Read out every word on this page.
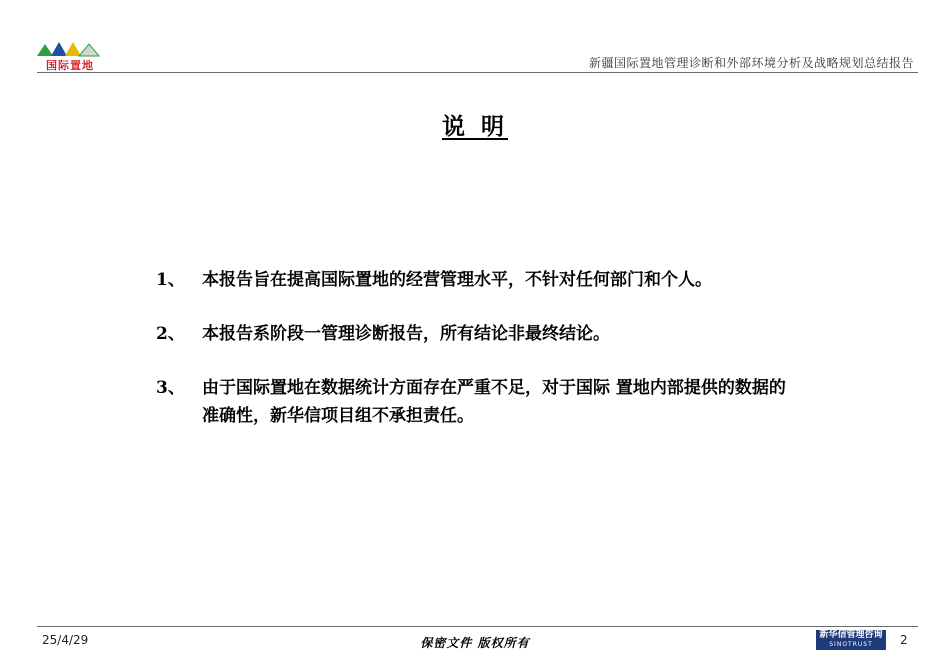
国际置地	新疆国际置地管理诊断和外部环境分析及战略规划总结报告
说 明
1、	本报告旨在提高国际置地的经营管理水平，不针对任何部门和个人。
2、	本报告系阶段一管理诊断报告，所有结论非最终结论。
3、	由于国际置地在数据统计方面存在严重不足，对于国际 置地内部提供的数据的准确性，新华信项目组不承担责任。
25/4/29	保密文件 版权所有
新华信管理咨询
SINOTRUST	2
